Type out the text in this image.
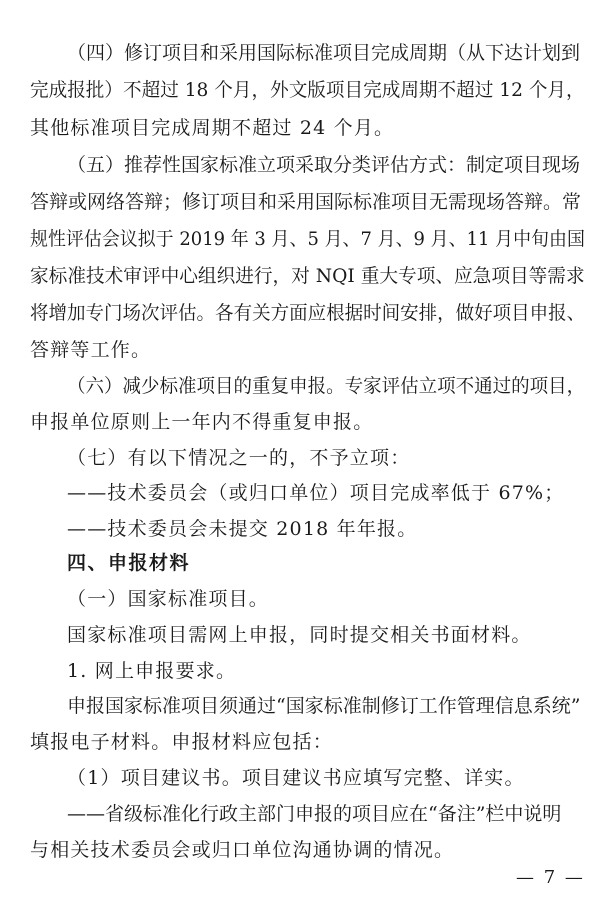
（四）修订项目和采用国际标准项目完成周期（从下达计划到
完成报批）不超过 18 个月，外文版项目完成周期不超过 12 个月，
其他标准项目完成周期不超过 24 个月。
（五）推荐性国家标准立项采取分类评估方式：制定项目现场
答辩或网络答辩；修订项目和采用国际标准项目无需现场答辩。常
规性评估会议拟于 2019 年 3 月、5 月、7 月、9 月、11 月中旬由国
家标准技术审评中心组织进行，对 NQI 重大专项、应急项目等需求
将增加专门场次评估。各有关方面应根据时间安排，做好项目申报、
答辩等工作。
（六）减少标准项目的重复申报。专家评估立项不通过的项目，
申报单位原则上一年内不得重复申报。
（七）有以下情况之一的，不予立项：
——技术委员会（或归口单位）项目完成率低于 67%；
——技术委员会未提交 2018 年年报。
四、申报材料
（一）国家标准项目。
国家标准项目需网上申报，同时提交相关书面材料。
1. 网上申报要求。
申报国家标准项目须通过“国家标准制修订工作管理信息系统”
填报电子材料。申报材料应包括：
（1）项目建议书。项目建议书应填写完整、详实。
——省级标准化行政主部门申报的项目应在“备注”栏中说明
与相关技术委员会或归口单位沟通协调的情况。
— 7 —
